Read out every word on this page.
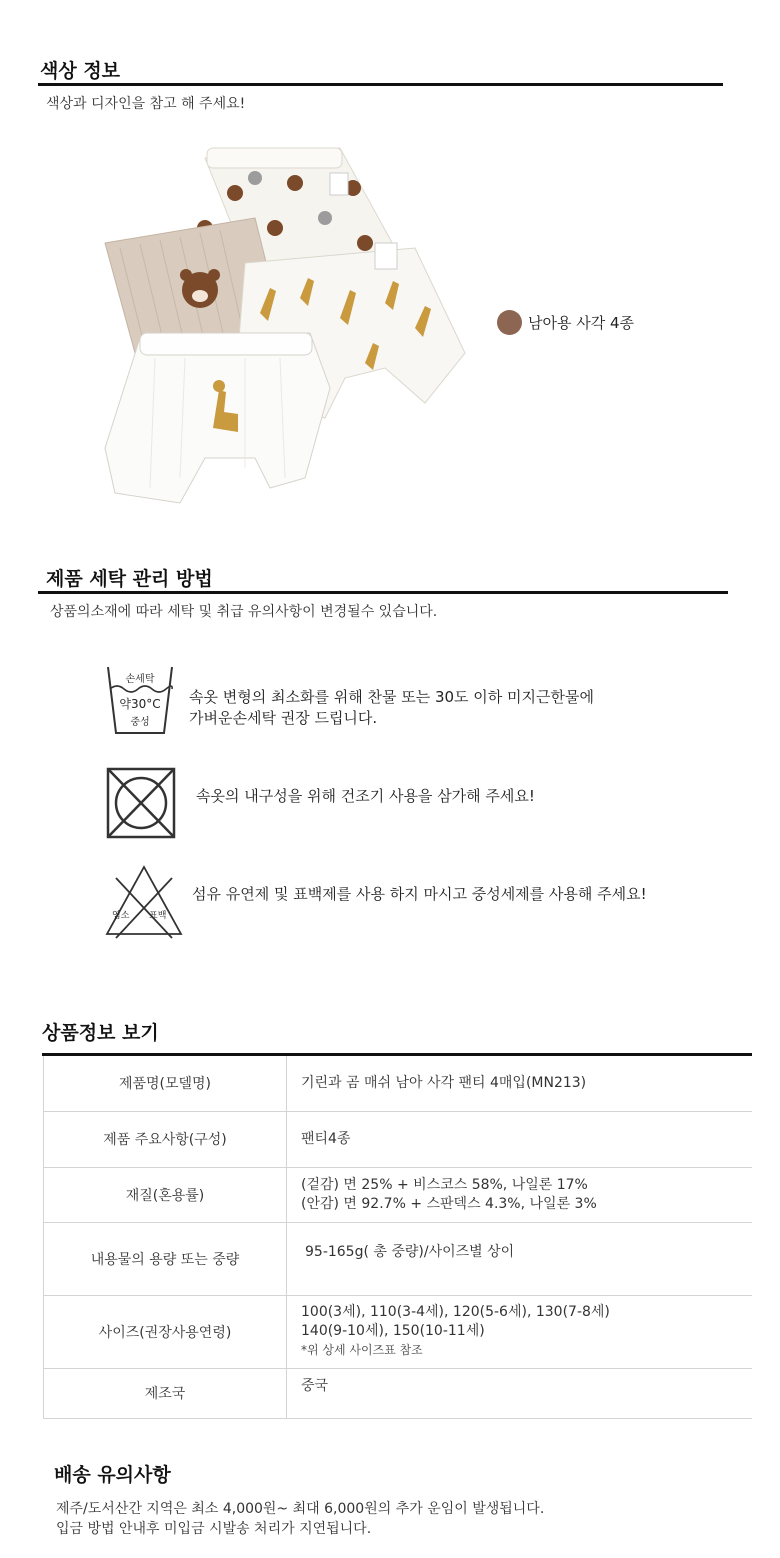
색상 정보
색상과 디자인을 참고 해 주세요!
남아용 사각 4종
제품 세탁 관리 방법
상품의소재에 따라 세탁 및 취급 유의사항이 변경될수 있습니다.
손세탁
약30°C
중성
속옷 변형의 최소화를 위해 찬물 또는 30도 이하 미지근한물에
가벼운손세탁 권장 드립니다.
속옷의 내구성을 위해 건조기 사용을 삼가해 주세요!
염소 표백
섬유 유연제 및 표백제를 사용 하지 마시고 중성세제를 사용해 주세요!
상품정보 보기
제품명(모델명)	기린과 곰 매쉬 남아 사각 팬티 4매입(MN213)
제품 주요사항(구성)	팬티4종
재질(혼용률)	(겉감) 면 25% + 비스코스 58%, 나일론 17%
(안감) 면 92.7% + 스판덱스 4.3%, 나일론 3%

내용물의 용량 또는 중량	95-165g( 총 중량)/사이즈별 상이
사이즈(권장사용연령)	100(3세), 110(3-4세), 120(5-6세), 130(7-8세)
140(9-10세), 150(10-11세)
*위 상세 사이즈표 참조

제조국	중국
배송 유의사항
제주/도서산간 지역은 최소 4,000원~ 최대 6,000원의 추가 운임이 발생됩니다.
입금 방법 안내후 미입금 시발송 처리가 지연됩니다.
